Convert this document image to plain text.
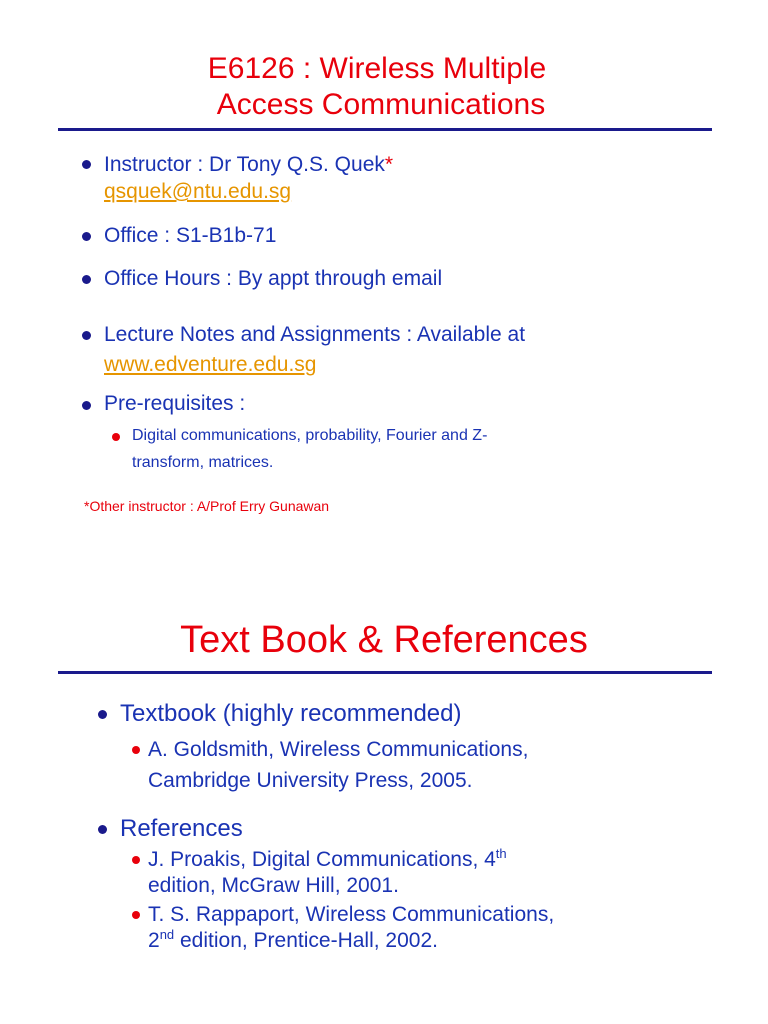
E6126 : Wireless Multiple
Access Communications
Instructor : Dr Tony Q.S. Quek*
qsquek@ntu.edu.sg
Office : S1-B1b-71
Office Hours : By appt through email
Lecture Notes and Assignments : Available at
www.edventure.edu.sg
Pre-requisites :
Digital communications, probability, Fourier and Z-
transform, matrices.
*Other instructor : A/Prof Erry Gunawan
Text Book & References
Textbook (highly recommended)
A. Goldsmith, Wireless Communications,
Cambridge University Press, 2005.
References
J. Proakis, Digital Communications, 4th
edition, McGraw Hill, 2001.
T. S. Rappaport, Wireless Communications,
2nd edition, Prentice-Hall, 2002.
